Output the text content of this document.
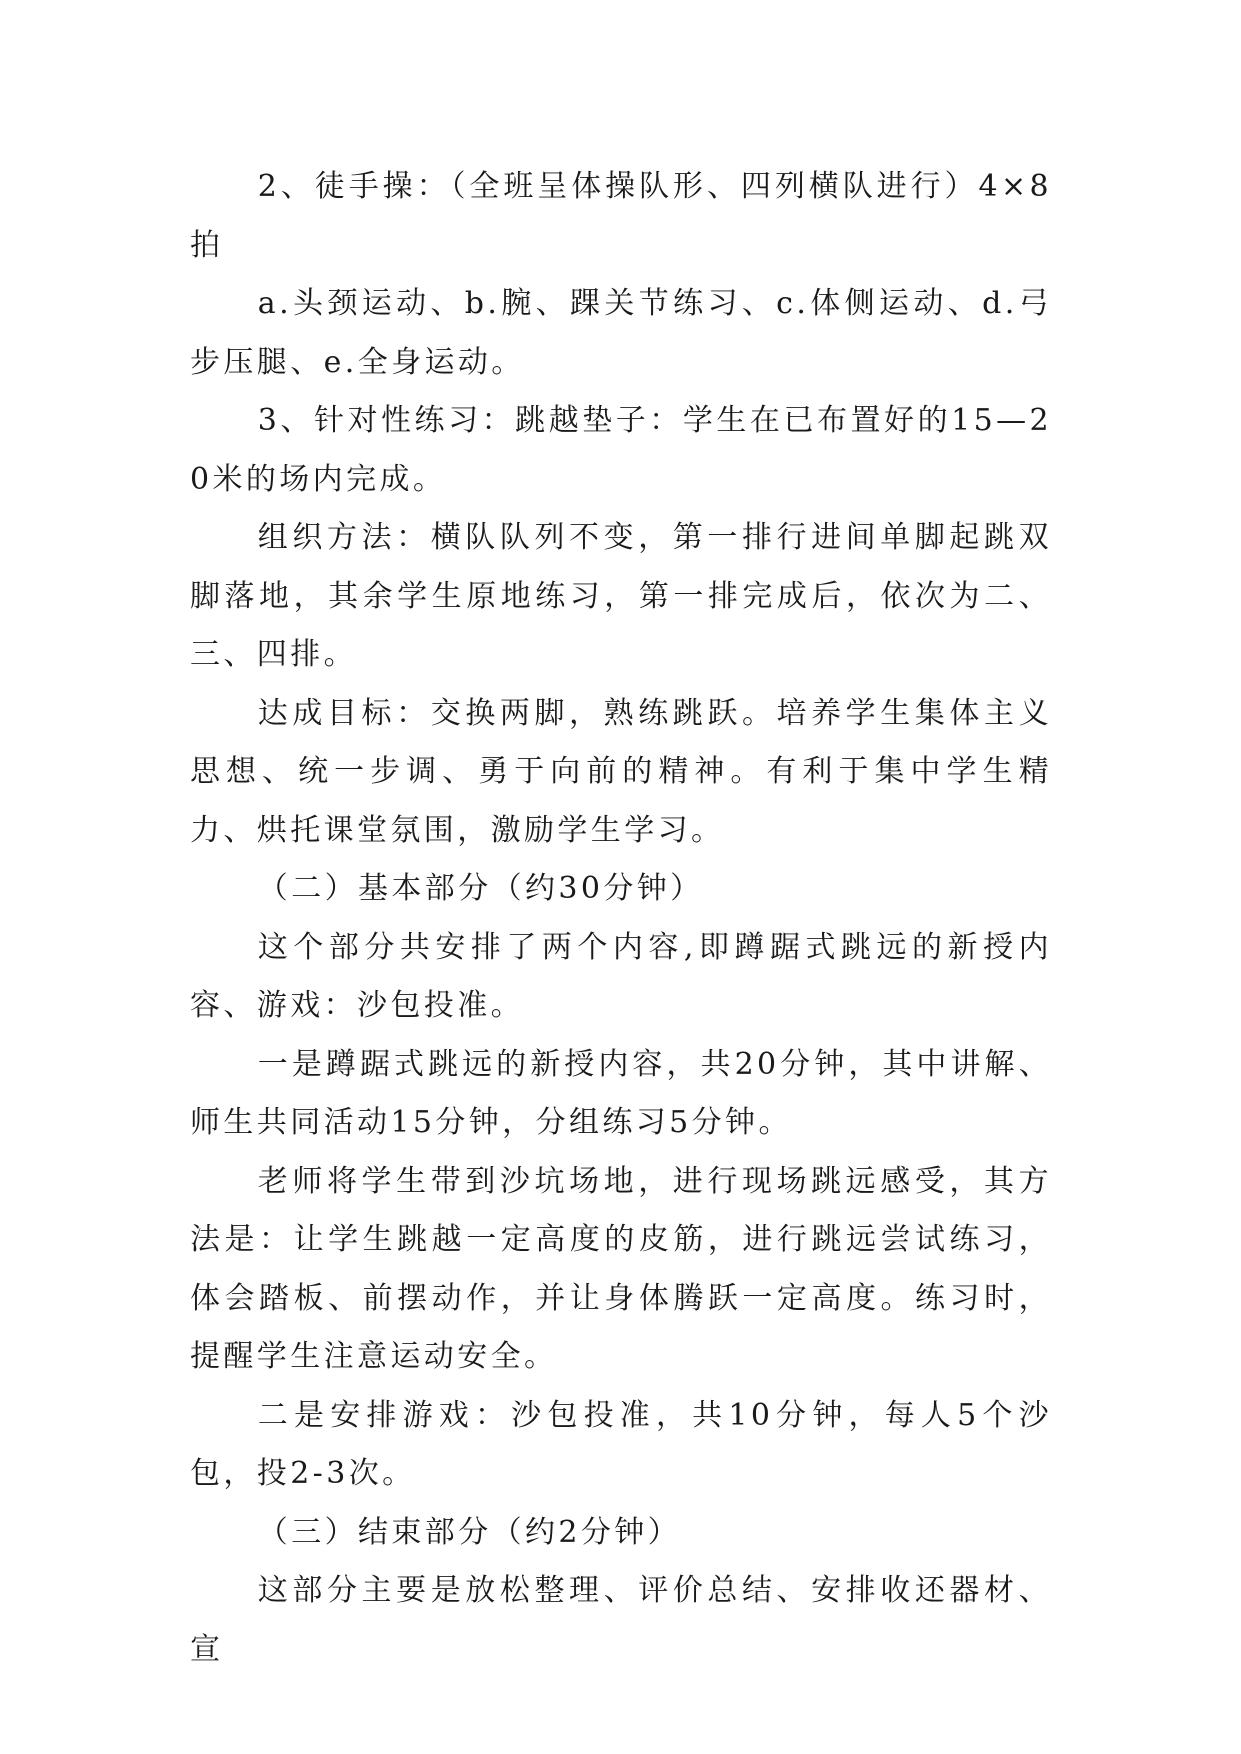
2、徒手操：（全班呈体操队形、四列横队进行）4×8拍

a.头颈运动、b.腕、踝关节练习、c.体侧运动、d.弓步压腿、e.全身运动。

3、针对性练习：跳越垫子：学生在已布置好的15—20米的场内完成。

组织方法：横队队列不变，第一排行进间单脚起跳双脚落地，其余学生原地练习，第一排完成后，依次为二、三、四排。

达成目标：交换两脚，熟练跳跃。培养学生集体主义思想、统一步调、勇于向前的精神。有利于集中学生精力、烘托课堂氛围，激励学生学习。

（二）基本部分（约30分钟）

这个部分共安排了两个内容,即蹲踞式跳远的新授内容、游戏：沙包投准。

一是蹲踞式跳远的新授内容，共20分钟，其中讲解、师生共同活动15分钟，分组练习5分钟。

老师将学生带到沙坑场地，进行现场跳远感受，其方法是：让学生跳越一定高度的皮筋，进行跳远尝试练习，体会踏板、前摆动作，并让身体腾跃一定高度。练习时，提醒学生注意运动安全。

二是安排游戏：沙包投准，共10分钟，每人5个沙包，投2-3次。

（三）结束部分（约2分钟）

这部分主要是放松整理、评价总结、安排收还器材、宣
